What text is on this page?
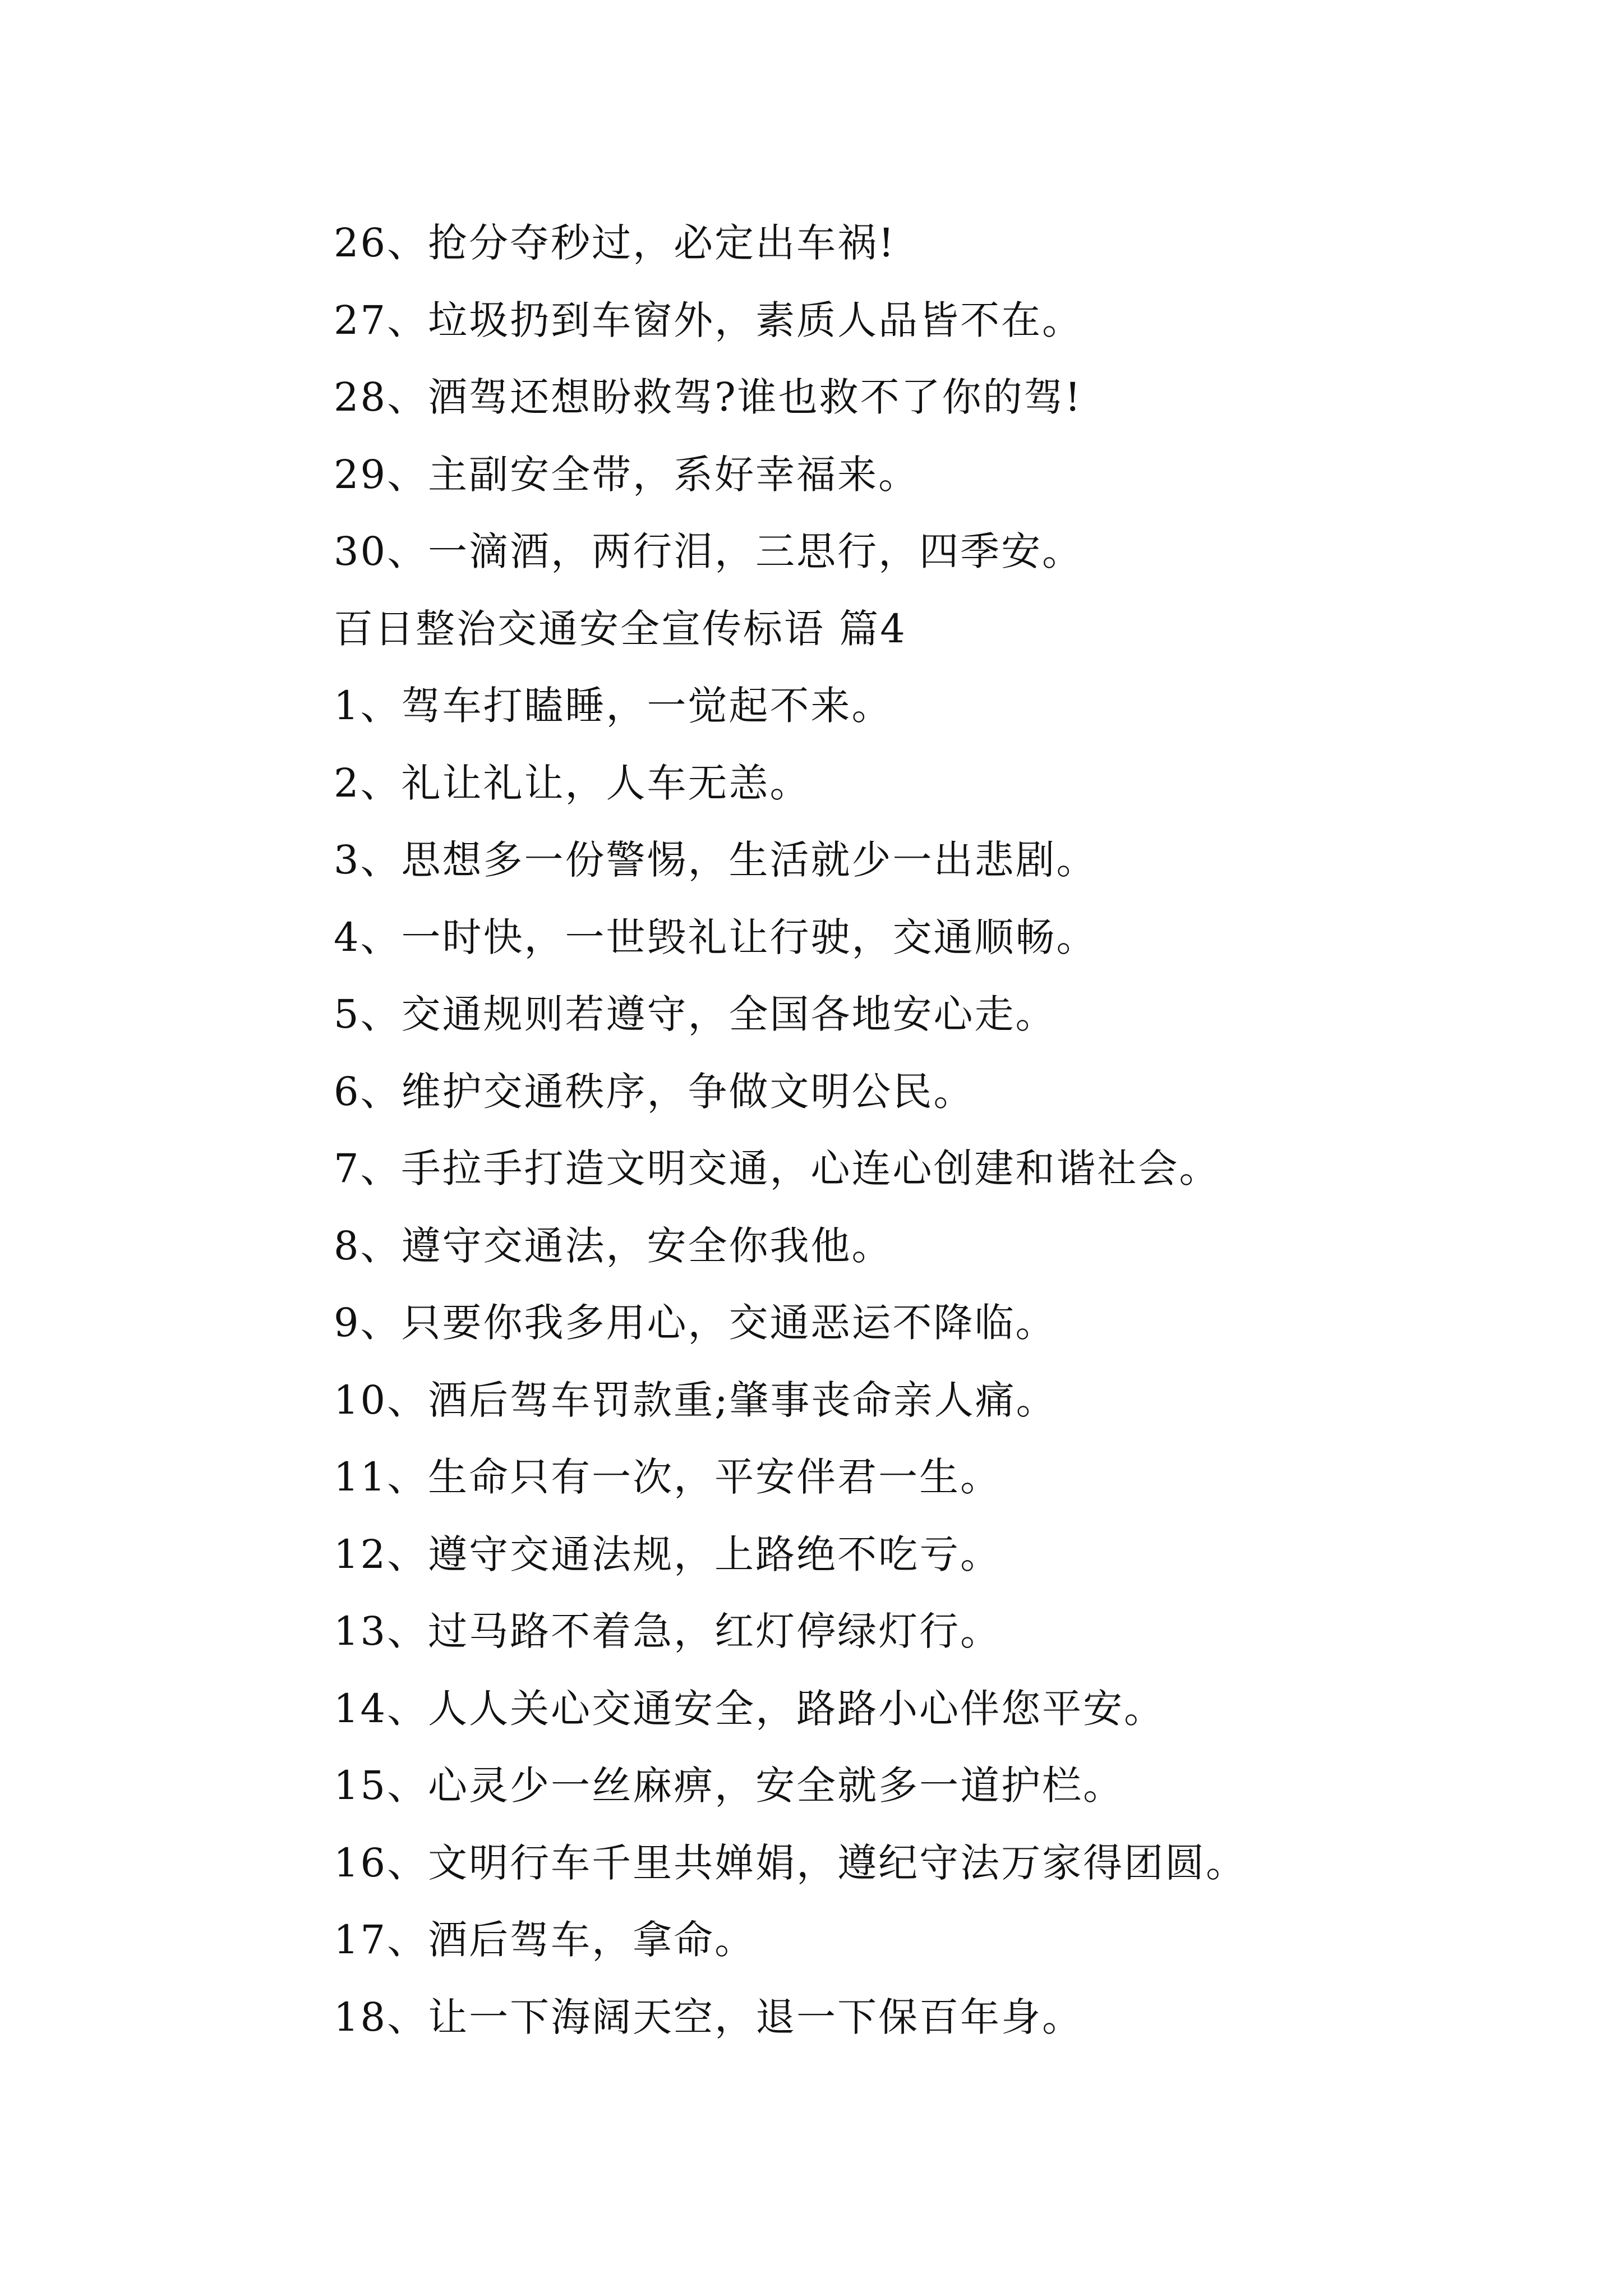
26、抢分夺秒过，必定出车祸!
27、垃圾扔到车窗外，素质人品皆不在。
28、酒驾还想盼救驾?谁也救不了你的驾!
29、主副安全带，系好幸福来。
30、一滴酒，两行泪，三思行，四季安。
百日整治交通安全宣传标语 篇4
1、驾车打瞌睡，一觉起不来。
2、礼让礼让，人车无恙。
3、思想多一份警惕，生活就少一出悲剧。
4、一时快，一世毁礼让行驶，交通顺畅。
5、交通规则若遵守，全国各地安心走。
6、维护交通秩序，争做文明公民。
7、手拉手打造文明交通，心连心创建和谐社会。
8、遵守交通法，安全你我他。
9、只要你我多用心，交通恶运不降临。
10、酒后驾车罚款重;肇事丧命亲人痛。
11、生命只有一次，平安伴君一生。
12、遵守交通法规，上路绝不吃亏。
13、过马路不着急，红灯停绿灯行。
14、人人关心交通安全，路路小心伴您平安。
15、心灵少一丝麻痹，安全就多一道护栏。
16、文明行车千里共婵娟，遵纪守法万家得团圆。
17、酒后驾车，拿命。
18、让一下海阔天空，退一下保百年身。
